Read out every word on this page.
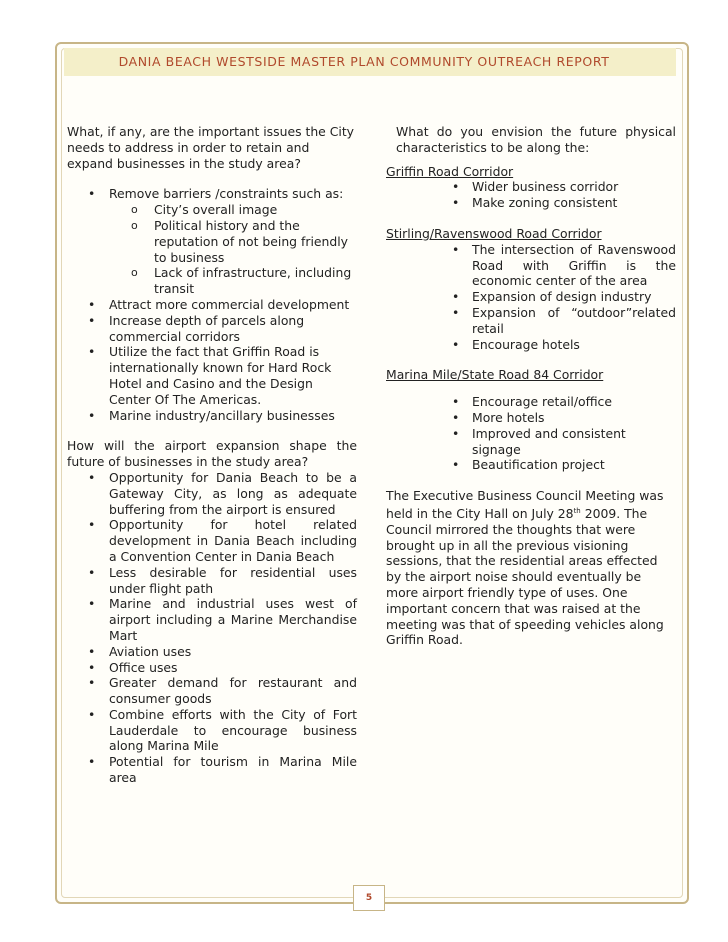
DANIA BEACH WESTSIDE MASTER PLAN COMMUNITY OUTREACH REPORT

What, if any, are the important issues the City needs to address in order to retain and expand businesses in the study area?

• Remove barriers /constraints such as:
o City’s overall image
o Political history and the reputation of not being friendly to business
o Lack of infrastructure, including transit
• Attract more commercial development
• Increase depth of parcels along commercial corridors
• Utilize the fact that Griffin Road is internationally known for Hard Rock Hotel and Casino and the Design Center Of The Americas.
• Marine industry/ancillary businesses

How will the airport expansion shape the future of businesses in the study area?

• Opportunity for Dania Beach to be a Gateway City, as long as adequate buffering from the airport is ensured
• Opportunity for hotel related development in Dania Beach including a Convention Center in Dania Beach
• Less desirable for residential uses under flight path
• Marine and industrial uses west of airport including a Marine Merchandise Mart
• Aviation uses
• Office uses
• Greater demand for restaurant and consumer goods
• Combine efforts with the City of Fort Lauderdale to encourage business along Marina Mile
• Potential for tourism in Marina Mile area

What do you envision the future physical characteristics to be along the:

Griffin Road Corridor

• Wider business corridor
• Make zoning consistent

Stirling/Ravenswood Road Corridor

• The intersection of Ravenswood Road with Griffin is the economic center of the area
• Expansion of design industry
• Expansion of “outdoor”related retail
• Encourage hotels

Marina Mile/State Road 84 Corridor

• Encourage retail/office
• More hotels
• Improved and consistent signage
• Beautification project

The Executive Business Council Meeting was held in the City Hall on July 28th 2009. The Council mirrored the thoughts that were brought up in all the previous visioning sessions, that the residential areas effected by the airport noise should eventually be more airport friendly type of uses. One important concern that was raised at the meeting was that of speeding vehicles along Griffin Road.

5
